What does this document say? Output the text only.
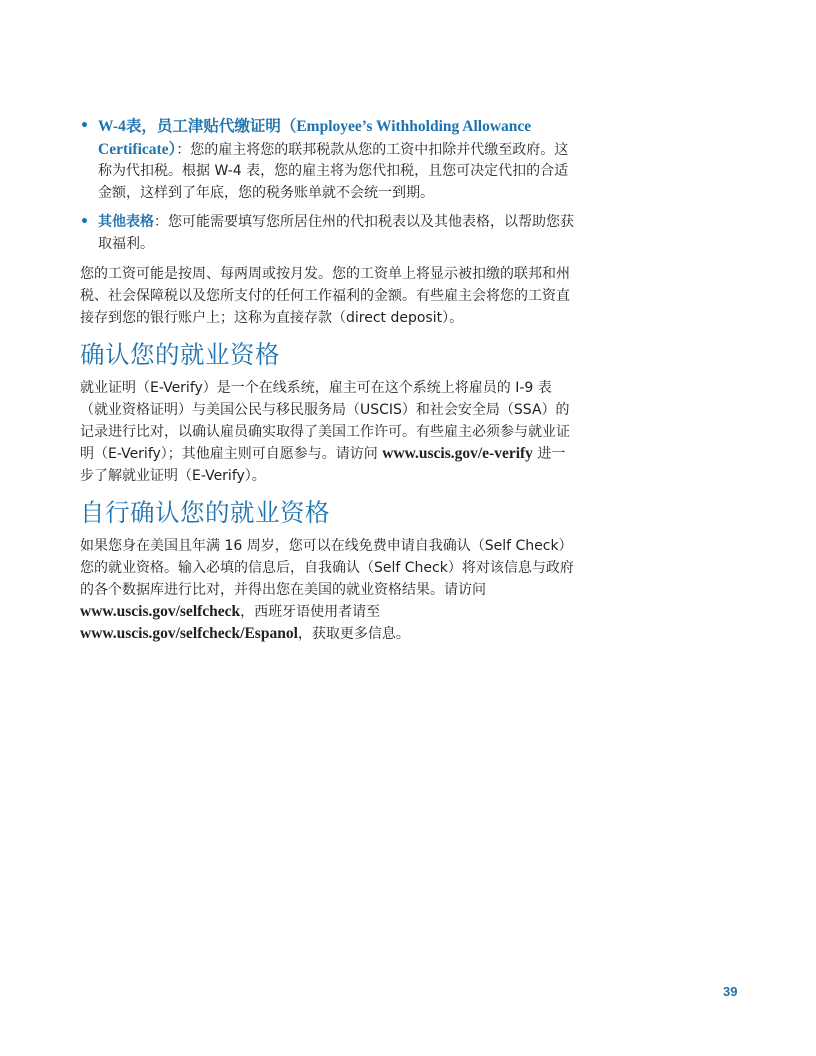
• W-4表，员工津贴代缴证明（Employee’s Withholding Allowance Certificate）：您的雇主将您的联邦税款从您的工资中扣除并代缴至政府。这称为代扣税。根据 W-4 表，您的雇主将为您代扣税，且您可决定代扣的合适金额，这样到了年底，您的税务账单就不会统一到期。
• 其他表格：您可能需要填写您所居住州的代扣税表以及其他表格，以帮助您获取福利。

您的工资可能是按周、每两周或按月发。您的工资单上将显示被扣缴的联邦和州税、社会保障税以及您所支付的任何工作福利的金额。有些雇主会将您的工资直接存到您的银行账户上；这称为直接存款（direct deposit）。

确认您的就业资格

就业证明（E-Verify）是一个在线系统，雇主可在这个系统上将雇员的 I-9 表（就业资格证明）与美国公民与移民服务局（USCIS）和社会安全局（SSA）的记录进行比对，以确认雇员确实取得了美国工作许可。有些雇主必须参与就业证明（E-Verify）；其他雇主则可自愿参与。请访问 www.uscis.gov/e-verify 进一步了解就业证明（E-Verify）。

自行确认您的就业资格

如果您身在美国且年满 16 周岁，您可以在线免费申请自我确认（Self Check）您的就业资格。输入必填的信息后，自我确认（Self Check）将对该信息与政府的各个数据库进行比对，并得出您在美国的就业资格结果。请访问 www.uscis.gov/selfcheck，西班牙语使用者请至 www.uscis.gov/selfcheck/Espanol，获取更多信息。

39
